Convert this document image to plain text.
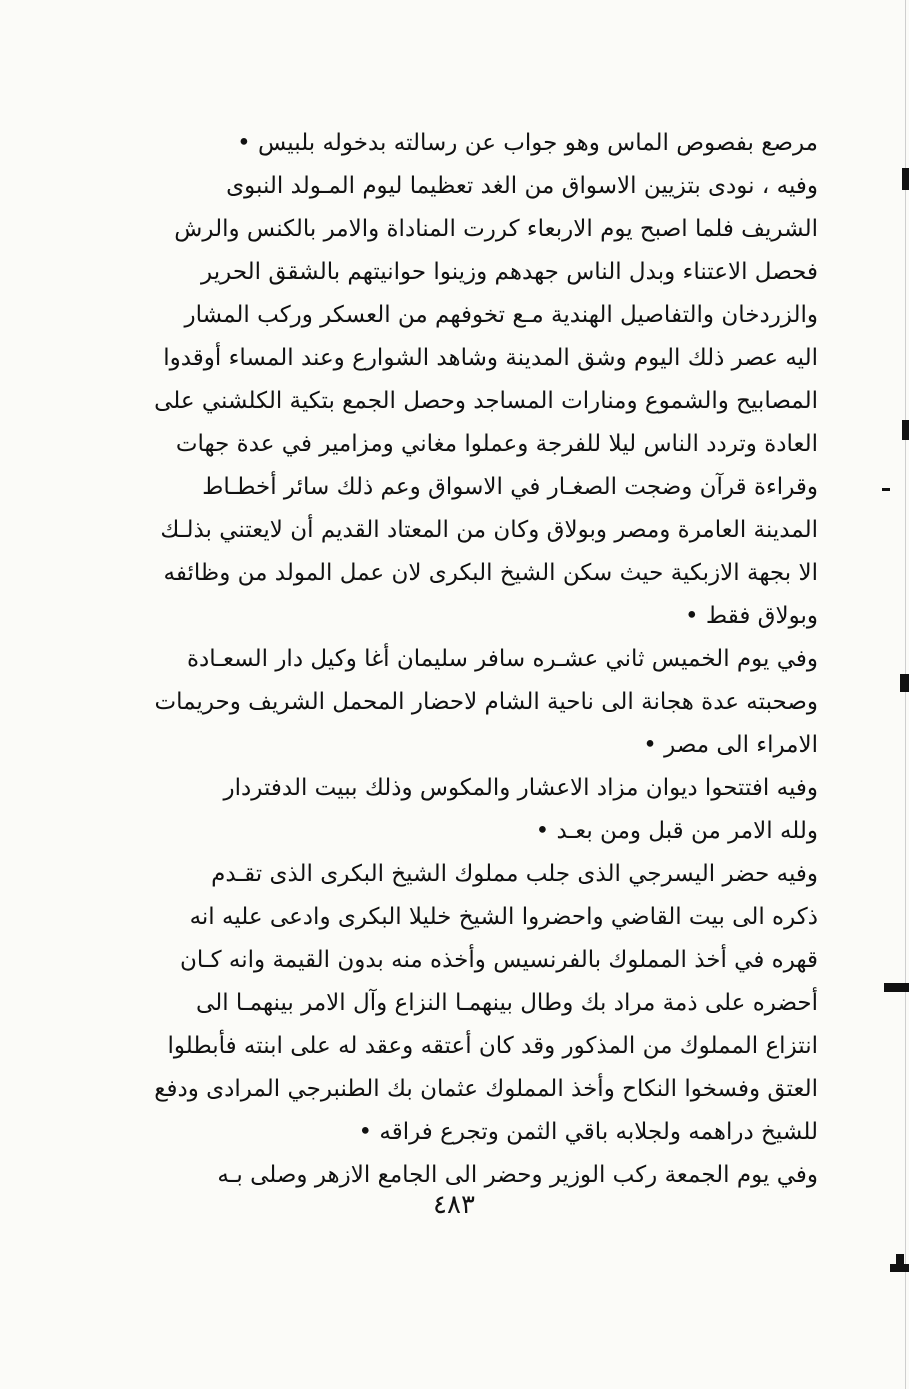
مرصع بفصوص الماس وهو جواب عن رسالته بدخوله بلبيس •
وفيه ، نودى بتزيين الاسواق من الغد تعظيما ليوم المـولد النبوى
الشريف فلما اصبح يوم الاربعاء كررت المناداة والامر بالكنس والرش
فحصل الاعتناء وبدل الناس جهدهم وزينوا حوانيتهم بالشقق الحرير
والزردخان والتفاصيل الهندية مـع تخوفهم من العسكر وركب المشار
اليه عصر ذلك اليوم وشق المدينة وشاهد الشوارع وعند المساء أوقدوا
المصابيح والشموع ومنارات المساجد وحصل الجمع بتكية الكلشني على
العادة وتردد الناس ليلا للفرجة وعملوا مغاني ومزامير في عدة جهات
وقراءة قرآن وضجت الصغـار في الاسواق وعم ذلك سائر أخطـاط
المدينة العامرة ومصر وبولاق وكان من المعتاد القديم أن لايعتني بذلـك
الا بجهة الازبكية حيث سكن الشيخ البكرى لان عمل المولد من وظائفه
وبولاق فقط •
وفي يوم الخميس ثاني عشـره سافر سليمان أغا وكيل دار السعـادة
وصحبته عدة هجانة الى ناحية الشام لاحضار المحمل الشريف وحريمات
الامراء الى مصر •
وفيه افتتحوا ديوان مزاد الاعشار والمكوس وذلك ببيت الدفتردار
ولله الامر من قبل ومن بعـد •
وفيه حضر اليسرجي الذى جلب مملوك الشيخ البكرى الذى تقـدم
ذكره الى بيت القاضي واحضروا الشيخ خليلا البكرى وادعى عليه انه
قهره في أخذ المملوك بالفرنسيس وأخذه منه بدون القيمة وانه كـان
أحضره على ذمة مراد بك وطال بينهمـا النزاع وآل الامر بينهمـا الى
انتزاع المملوك من المذكور وقد كان أعتقه وعقد له على ابنته فأبطلوا
العتق وفسخوا النكاح وأخذ المملوك عثمان بك الطنبرجي المرادى ودفع
للشيخ دراهمه ولجلابه باقي الثمن وتجرع فراقه •
وفي يوم الجمعة ركب الوزير وحضر الى الجامع الازهر وصلى بـه
٤٨٣
